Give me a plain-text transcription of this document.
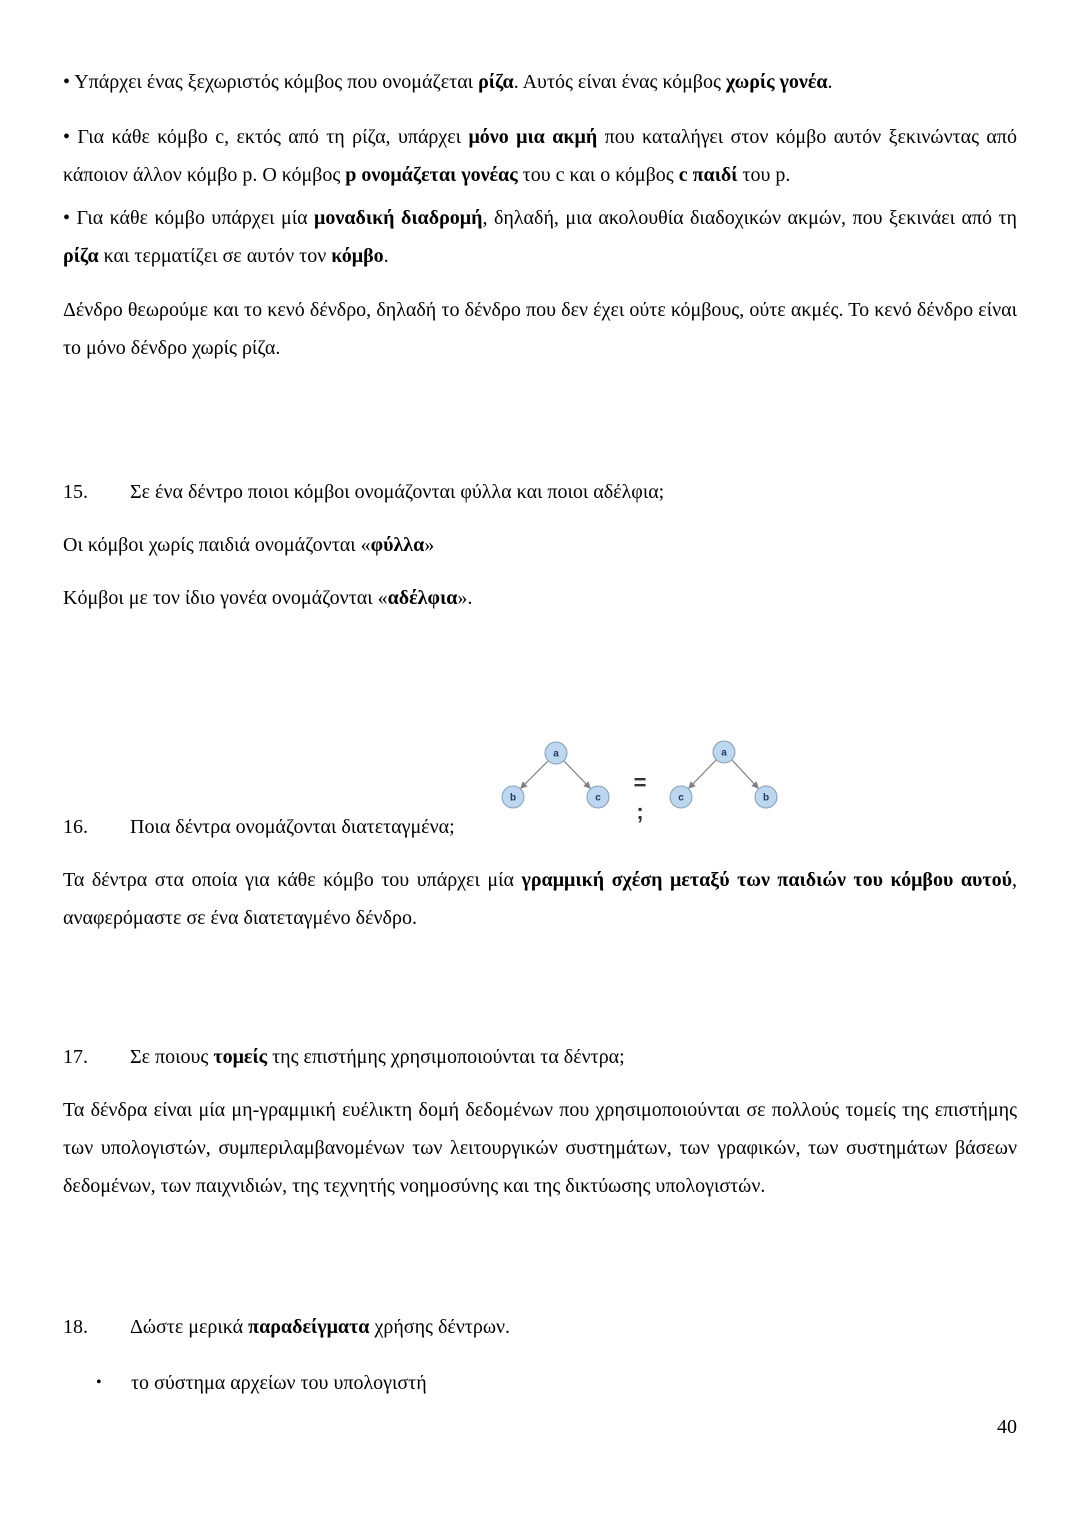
• Υπάρχει ένας ξεχωριστός κόμβος που ονομάζεται ρίζα. Αυτός είναι ένας κόμβος χωρίς γονέα.
• Για κάθε κόμβο c, εκτός από τη ρίζα, υπάρχει μόνο μια ακμή που καταλήγει στον κόμβο αυτόν ξεκινώντας από κάποιον άλλον κόμβο p. Ο κόμβος p ονομάζεται γονέας του c και ο κόμβος c παιδί του p.
• Για κάθε κόμβο υπάρχει μία μοναδική διαδρομή, δηλαδή, μια ακολουθία διαδοχικών ακμών, που ξεκινάει από τη ρίζα και τερματίζει σε αυτόν τον κόμβο.
Δένδρο θεωρούμε και το κενό δένδρο, δηλαδή το δένδρο που δεν έχει ούτε κόμβους, ούτε ακμές. Το κενό δένδρο είναι το μόνο δένδρο χωρίς ρίζα.
15. Σε ένα δέντρο ποιοι κόμβοι ονομάζονται φύλλα και ποιοι αδέλφια;
Οι κόμβοι χωρίς παιδιά ονομάζονται «φύλλα»
Κόμβοι με τον ίδιο γονέα ονομάζονται «αδέλφια».
a
b	c
=
;
a
c	b
16. Ποια δέντρα ονομάζονται διατεταγμένα;
Τα δέντρα στα οποία για κάθε κόμβο του υπάρχει μία γραμμική σχέση μεταξύ των παιδιών του κόμβου αυτού, αναφερόμαστε σε ένα διατεταγμένο δένδρο.
17. Σε ποιους τομείς της επιστήμης χρησιμοποιούνται τα δέντρα;
Τα δένδρα είναι μία μη-γραμμική ευέλικτη δομή δεδομένων που χρησιμοποιούνται σε πολλούς τομείς της επιστήμης των υπολογιστών, συμπεριλαμβανομένων των λειτουργικών συστημάτων, των γραφικών, των συστημάτων βάσεων δεδομένων, των παιχνιδιών, της τεχνητής νοημοσύνης και της δικτύωσης υπολογιστών.
18. Δώστε μερικά παραδείγματα χρήσης δέντρων.
•	το σύστημα αρχείων του υπολογιστή
40
